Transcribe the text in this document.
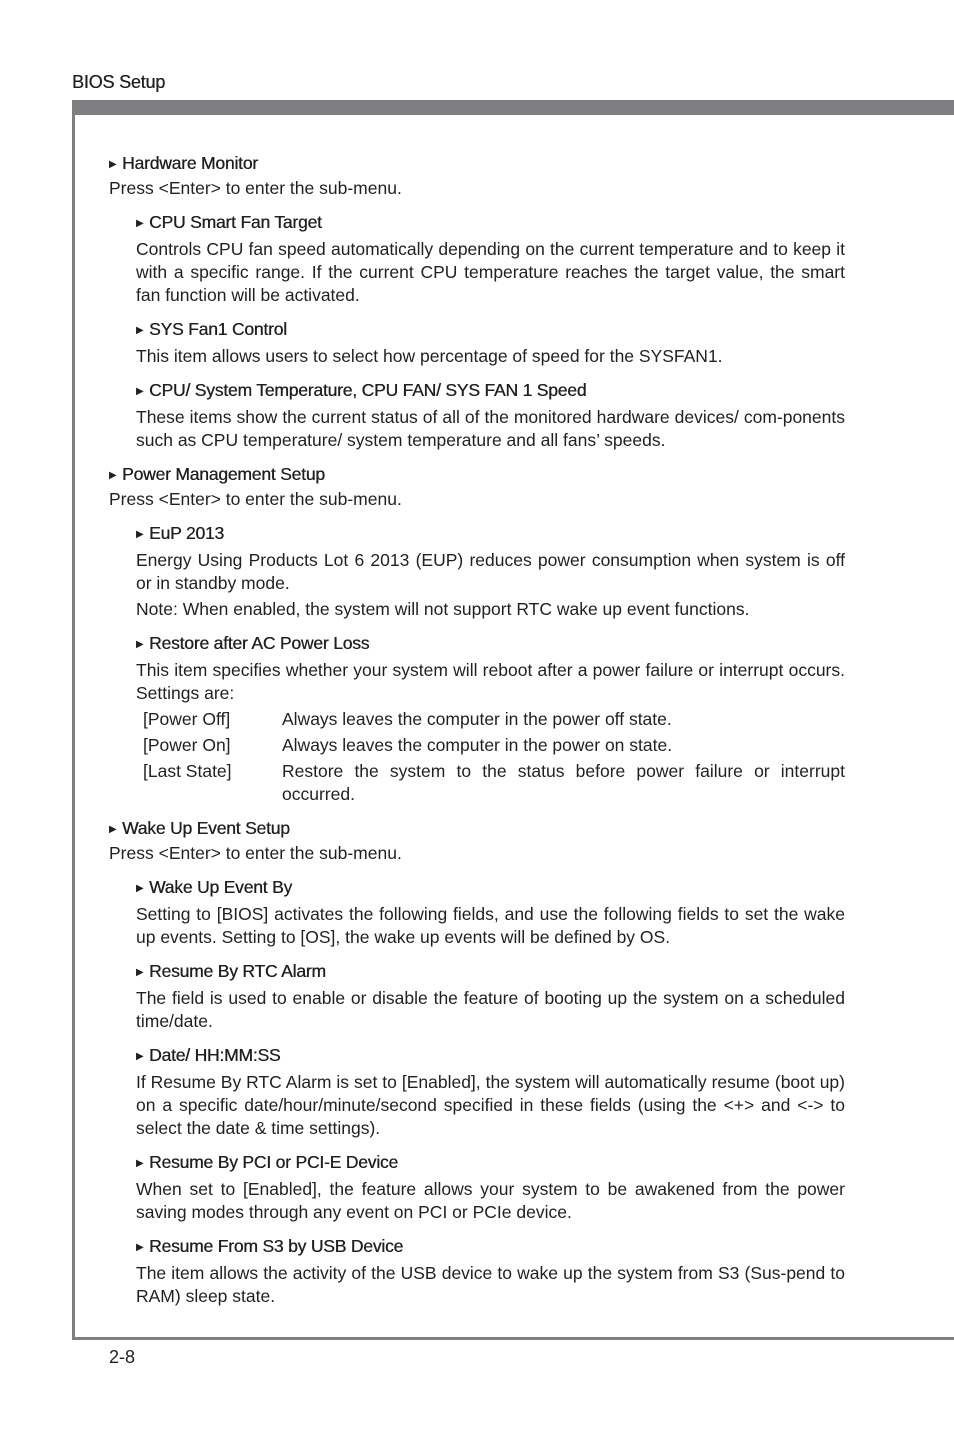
BIOS Setup
▶ Hardware Monitor

Press <Enter> to enter the sub-menu.

▶ CPU Smart Fan Target

Controls CPU fan speed automatically depending on the current temperature and to keep it with a specific range. If the current CPU temperature reaches the target value, the smart fan function will be activated.

▶ SYS Fan1 Control

This item allows users to select how percentage of speed for the SYSFAN1.

▶ CPU/ System Temperature, CPU FAN/ SYS FAN 1 Speed

These items show the current status of all of the monitored hardware devices/ com-ponents such as CPU temperature/ system temperature and all fans’ speeds.

▶ Power Management Setup

Press <Enter> to enter the sub-menu.

▶ EuP 2013

Energy Using Products Lot 6 2013 (EUP) reduces power consumption when system is off or in standby mode.

Note: When enabled, the system will not support RTC wake up event functions.

▶ Restore after AC Power Loss

This item specifies whether your system will reboot after a power failure or interrupt occurs. Settings are:

[Power Off]	Always leaves the computer in the power off state.
[Power On]	Always leaves the computer in the power on state.
[Last State]	Restore the system to the status before power failure or interrupt occurred.
▶ Wake Up Event Setup

Press <Enter> to enter the sub-menu.

▶ Wake Up Event By

Setting to [BIOS] activates the following fields, and use the following fields to set the wake up events. Setting to [OS], the wake up events will be defined by OS.

▶ Resume By RTC Alarm

The field is used to enable or disable the feature of booting up the system on a scheduled time/date.

▶ Date/ HH:MM:SS

If Resume By RTC Alarm is set to [Enabled], the system will automatically resume (boot up) on a specific date/hour/minute/second specified in these fields (using the <+> and <-> to select the date & time settings).

▶ Resume By PCI or PCI-E Device

When set to [Enabled], the feature allows your system to be awakened from the power saving modes through any event on PCI or PCIe device.

▶ Resume From S3 by USB Device

The item allows the activity of the USB device to wake up the system from S3 (Sus-pend to RAM) sleep state.

2-8
